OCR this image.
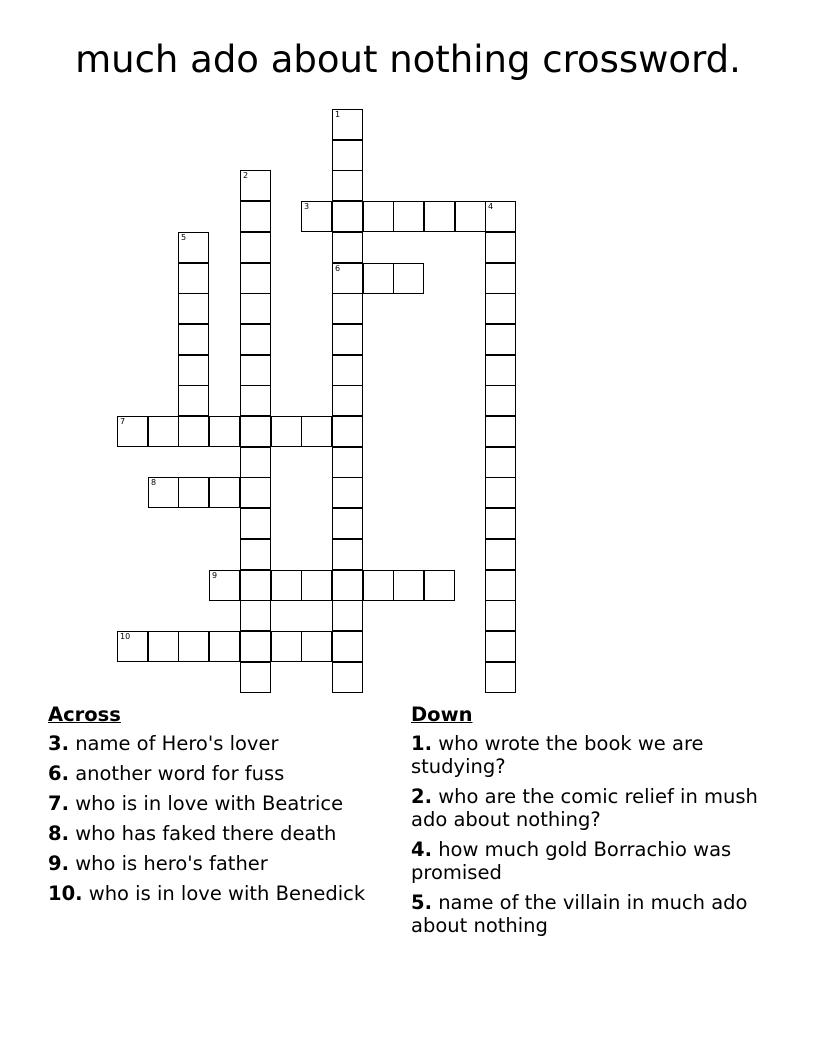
much ado about nothing crossword.
1
6
2
3	4
5
7
8
9
10
Across
3. name of Hero's lover
6. another word for fuss
7. who is in love with Beatrice
8. who has faked there death
9. who is hero's father
10. who is in love with Benedick
Down
1. who wrote the book we are studying?
2. who are the comic relief in mush ado about nothing?
4. how much gold Borrachio was promised
5. name of the villain in much ado about nothing
